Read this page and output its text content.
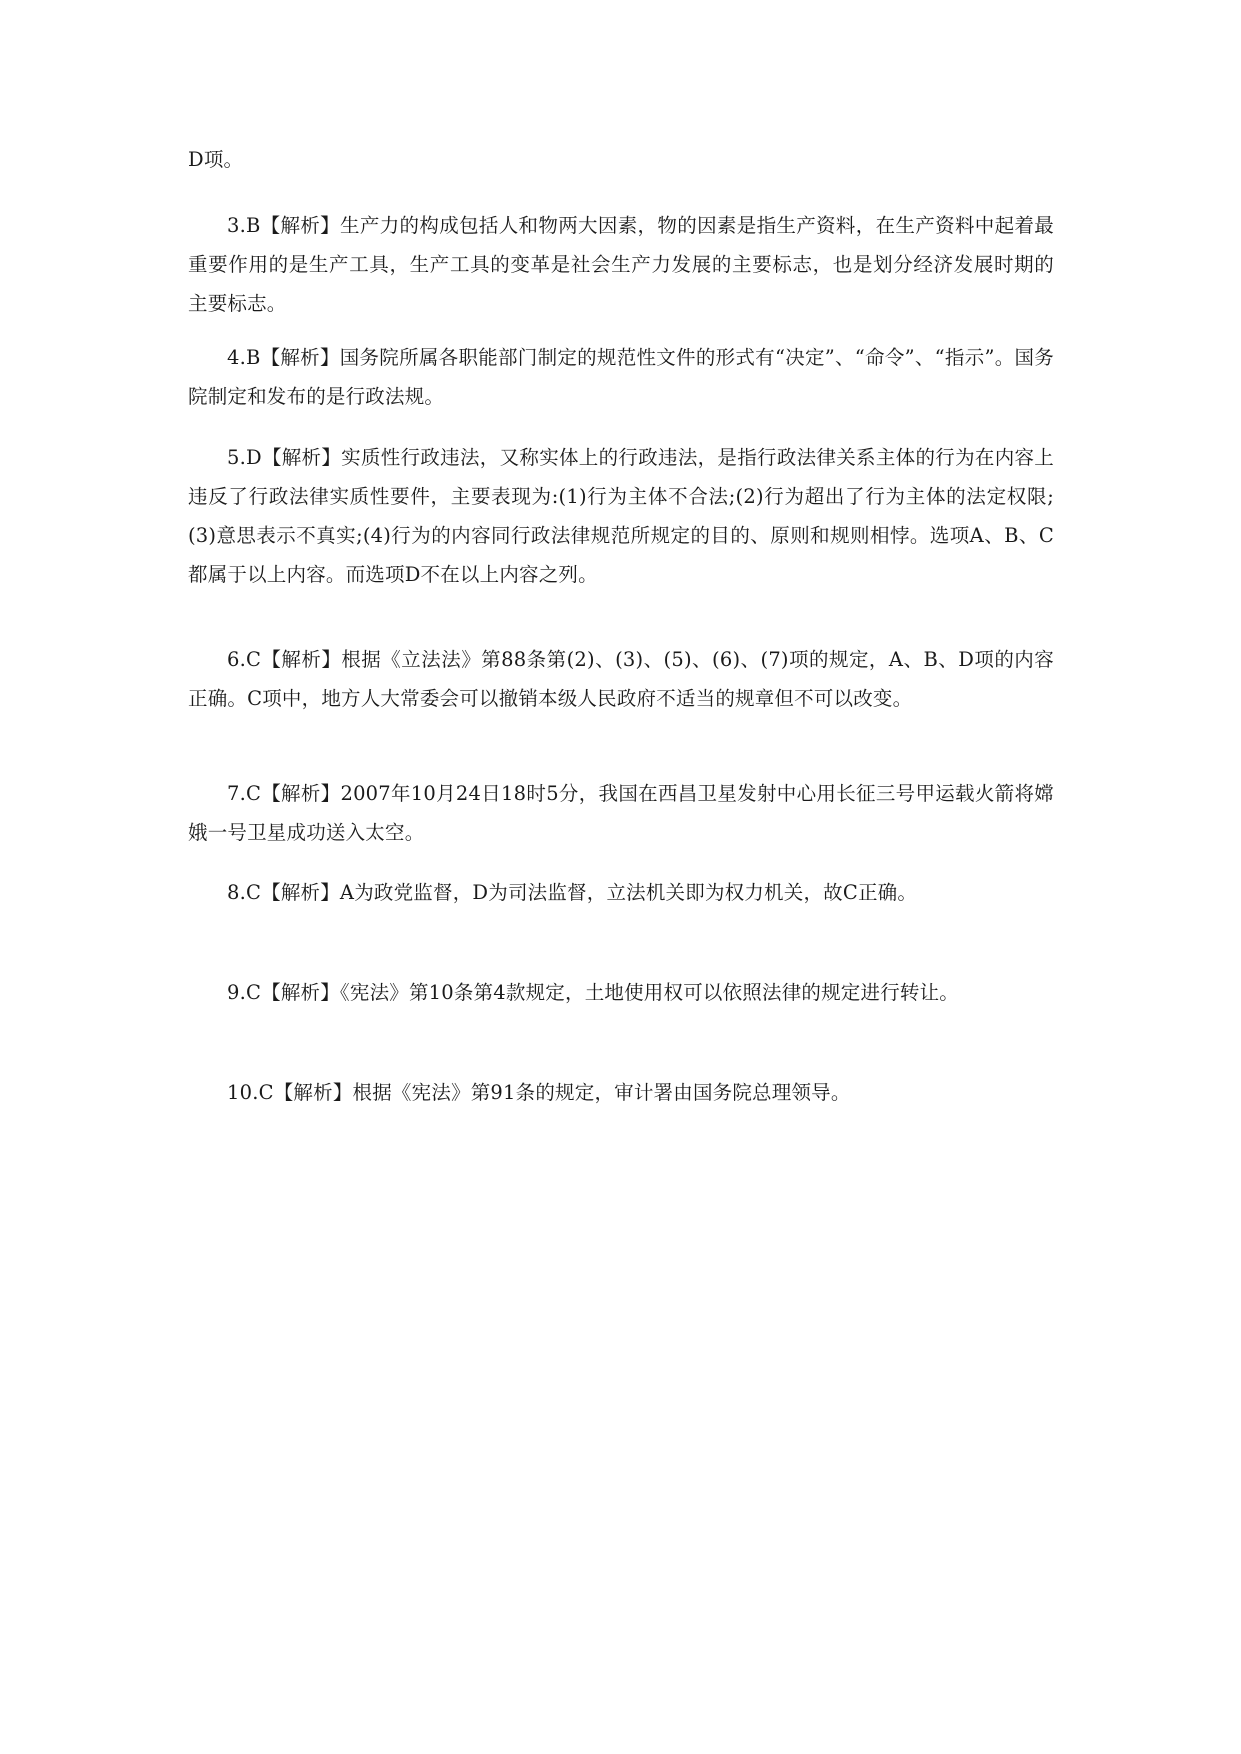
D项。

3.B【解析】生产力的构成包括人和物两大因素，物的因素是指生产资料，在生产资料中起着最重要作用的是生产工具，生产工具的变革是社会生产力发展的主要标志，也是划分经济发展时期的主要标志。

4.B【解析】国务院所属各职能部门制定的规范性文件的形式有“决定”、“命令”、“指示”。国务院制定和发布的是行政法规。

5.D【解析】实质性行政违法，又称实体上的行政违法，是指行政法律关系主体的行为在内容上违反了行政法律实质性要件，主要表现为:(1)行为主体不合法;(2)行为超出了行为主体的法定权限;(3)意思表示不真实;(4)行为的内容同行政法律规范所规定的目的、原则和规则相悖。选项A、B、C都属于以上内容。而选项D不在以上内容之列。

6.C【解析】根据《立法法》第88条第(2)、(3)、(5)、(6)、(7)项的规定，A、B、D项的内容正确。C项中，地方人大常委会可以撤销本级人民政府不适当的规章但不可以改变。

7.C【解析】2007年10月24日18时5分，我国在西昌卫星发射中心用长征三号甲运载火箭将嫦娥一号卫星成功送入太空。

8.C【解析】A为政党监督，D为司法监督，立法机关即为权力机关，故C正确。

9.C【解析】《宪法》第10条第4款规定，土地使用权可以依照法律的规定进行转让。

10.C【解析】根据《宪法》第91条的规定，审计署由国务院总理领导。
